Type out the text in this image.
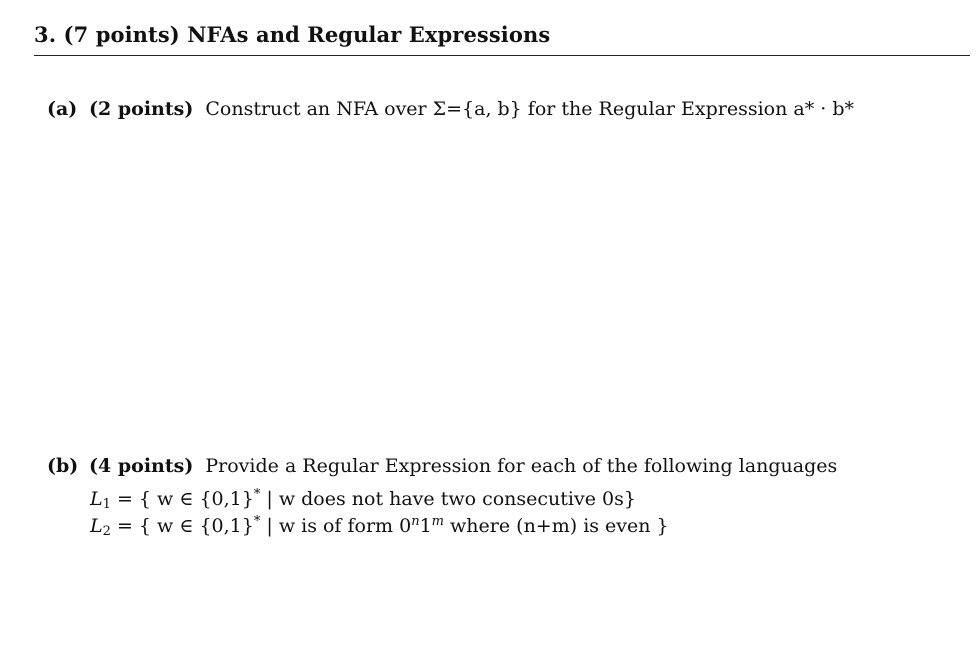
3. (7 points) NFAs and Regular Expressions
(a) (2 points) Construct an NFA over Σ={a, b} for the Regular Expression a* · b*
(b) (4 points) Provide a Regular Expression for each of the following languages
$L_1$ = { w ∈ {0,1}* | w does not have two consecutive 0s}
$L_2$ = { w ∈ {0,1}* | w is of form 0$^n$1$^m$ where (n+m) is even }
